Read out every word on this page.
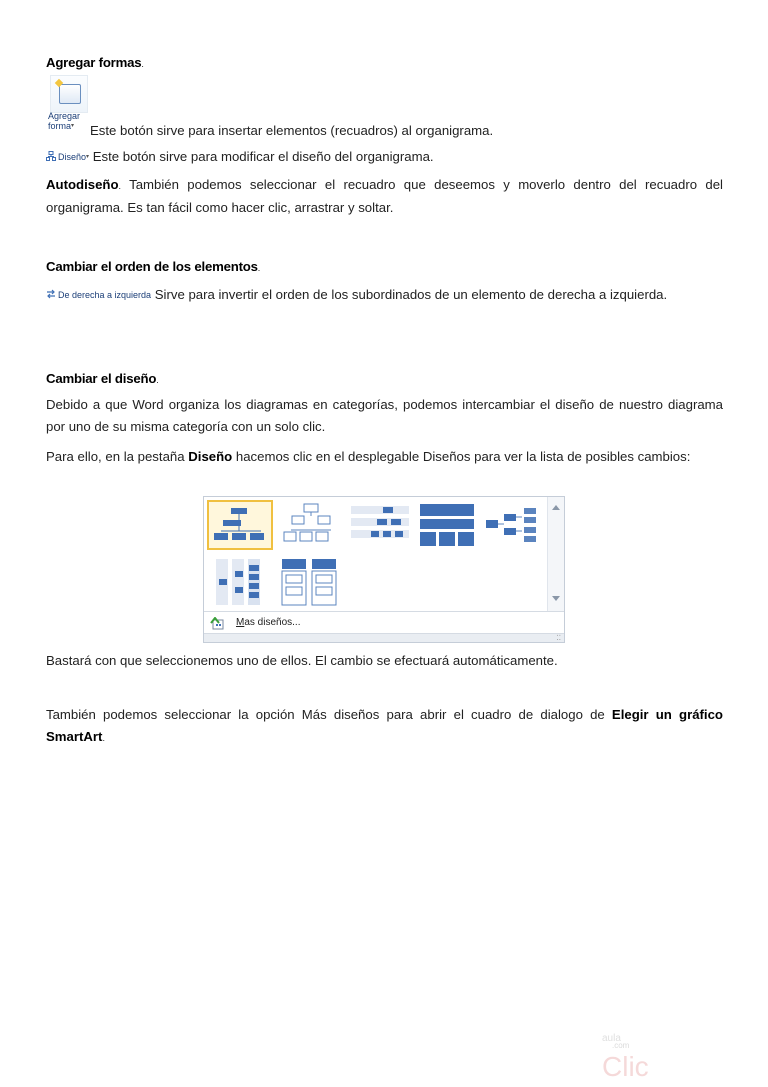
Agregar formas.
Agregar
forma▾ Este botón sirve para insertar elementos (recuadros) al organigrama.
Diseño▾ Este botón sirve para modificar el diseño del organigrama.
Autodiseño. También podemos seleccionar el recuadro que deseemos y moverlo dentro del recuadro del organigrama. Es tan fácil como hacer clic, arrastrar y soltar.
Cambiar el orden de los elementos.
De derecha a izquierda Sirve para invertir el orden de los subordinados de un elemento de derecha a izquierda.
Cambiar el diseño.
Debido a que Word organiza los diagramas en categorías, podemos intercambiar el diseño de nuestro diagrama por uno de su misma categoría con un solo clic.
Para ello, en la pestaña Diseño hacemos clic en el desplegable Diseños para ver la lista de posibles cambios:
aula
.com
Clic
Mas diseños...
⁚⁚
Bastará con que seleccionemos uno de ellos. El cambio se efectuará automáticamente.
También podemos seleccionar la opción Más diseños para abrir el cuadro de dialogo de Elegir un gráfico SmartArt.
